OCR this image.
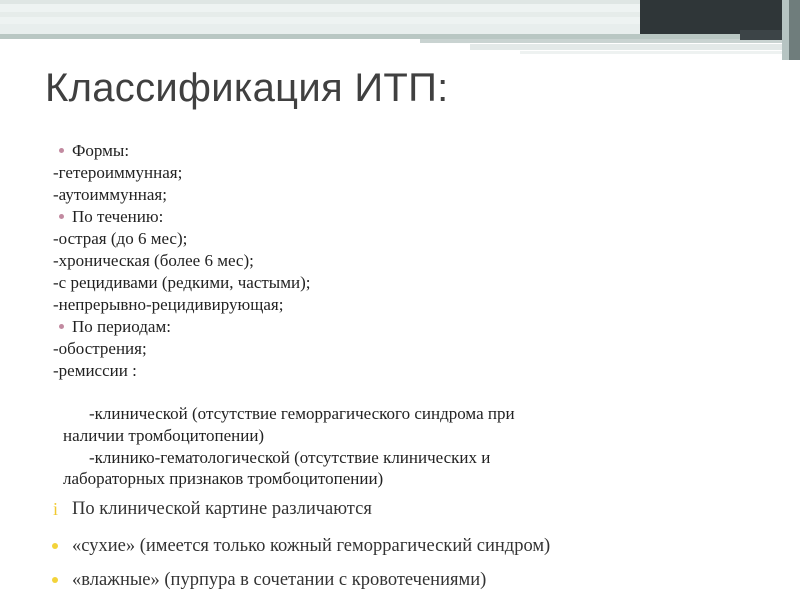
Классификация ИТП:
Формы:
-гетероиммунная;
-аутоиммунная;
По течению:
-острая (до 6 мес);
-хроническая (более 6 мес);
-с рецидивами (редкими, частыми);
-непрерывно-рецидивирующая;
По периодам:
-обострения;
-ремиссии :
-клинической (отсутствие геморрагического синдрома при
наличии тромбоцитопении)
-клинико-гематологической (отсутствие клинических и
лабораторных признаков тромбоцитопении)
i По клинической картине различаются
«сухие» (имеется только кожный геморрагический синдром)
«влажные» (пурпура в сочетании с кровотечениями)
